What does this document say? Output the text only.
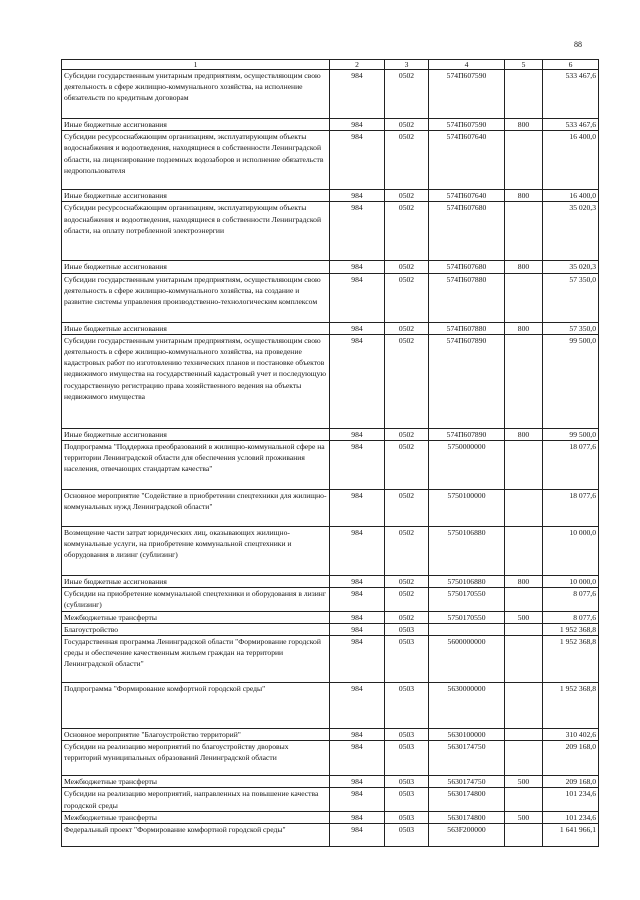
88
1	2	3	4	5	6
Субсидии государственным унитарным предприятиям, осуществляющим свою деятельность в сфере жилищно-коммунального хозяйства, на исполнение обязательств по кредитным договорам	984	0502	574П607590		533 467,6
Иные бюджетные ассигнования	984	0502	574П607590	800	533 467,6
Субсидии ресурсоснабжающим организациям, эксплуатирующим объекты водоснабжения и водоотведения, находящиеся в собственности Ленинградской области, на лицензирование подземных водозаборов и исполнение обязательств недропользователя	984	0502	574П607640		16 400,0
Иные бюджетные ассигнования	984	0502	574П607640	800	16 400,0
Субсидии ресурсоснабжающим организациям, эксплуатирующим объекты водоснабжения и водоотведения, находящиеся в собственности Ленинградской области, на оплату потребленной электроэнергии	984	0502	574П607680		35 020,3
Иные бюджетные ассигнования	984	0502	574П607680	800	35 020,3
Субсидии государственным унитарным предприятиям, осуществляющим свою деятельность в сфере жилищно-коммунального хозяйства, на создание и развитие системы управления производственно-технологическим комплексом	984	0502	574П607880		57 350,0
Иные бюджетные ассигнования	984	0502	574П607880	800	57 350,0
Субсидии государственным унитарным предприятиям, осуществляющим свою деятельность в сфере жилищно-коммунального хозяйства, на проведение кадастровых работ по изготовлению технических планов и постановке объектов недвижимого имущества на государственный кадастровый учет и последующую государственную регистрацию права хозяйственного ведения на объекты недвижимого имущества	984	0502	574П607890		99 500,0
Иные бюджетные ассигнования	984	0502	574П607890	800	99 500,0
Подпрограмма "Поддержка преобразований в жилищно-коммунальной сфере на территории Ленинградской области для обеспечения условий проживания населения, отвечающих стандартам качества"	984	0502	5750000000		18 077,6
Основное мероприятие "Содействие в приобретении спецтехники для жилищно-коммунальных нужд Ленинградской области"	984	0502	5750100000		18 077,6
Возмещение части затрат юридических лиц, оказывающих жилищно-коммунальные услуги, на приобретение коммунальной спецтехники и оборудования в лизинг (сублизинг)	984	0502	5750106880		10 000,0
Иные бюджетные ассигнования	984	0502	5750106880	800	10 000,0
Субсидии на приобретение коммунальной спецтехники и оборудования в лизинг (сублизинг)	984	0502	5750170550		8 077,6
Межбюджетные трансферты	984	0502	5750170550	500	8 077,6
Благоустройство	984	0503			1 952 368,8
Государственная программа Ленинградской области "Формирование городской среды и обеспечение качественным жильем граждан на территории Ленинградской области"	984	0503	5600000000		1 952 368,8
Подпрограмма "Формирование комфортной городской среды"	984	0503	5630000000		1 952 368,8
Основное мероприятие "Благоустройство территорий"	984	0503	5630100000		310 402,6
Субсидии на реализацию мероприятий по благоустройству дворовых территорий муниципальных образований Ленинградской области	984	0503	5630174750		209 168,0
Межбюджетные трансферты	984	0503	5630174750	500	209 168,0
Субсидии на реализацию мероприятий, направленных на повышение качества городской среды	984	0503	5630174800		101 234,6
Межбюджетные трансферты	984	0503	5630174800	500	101 234,6
Федеральный проект "Формирование комфортной городской среды"	984	0503	563F200000		1 641 966,1
